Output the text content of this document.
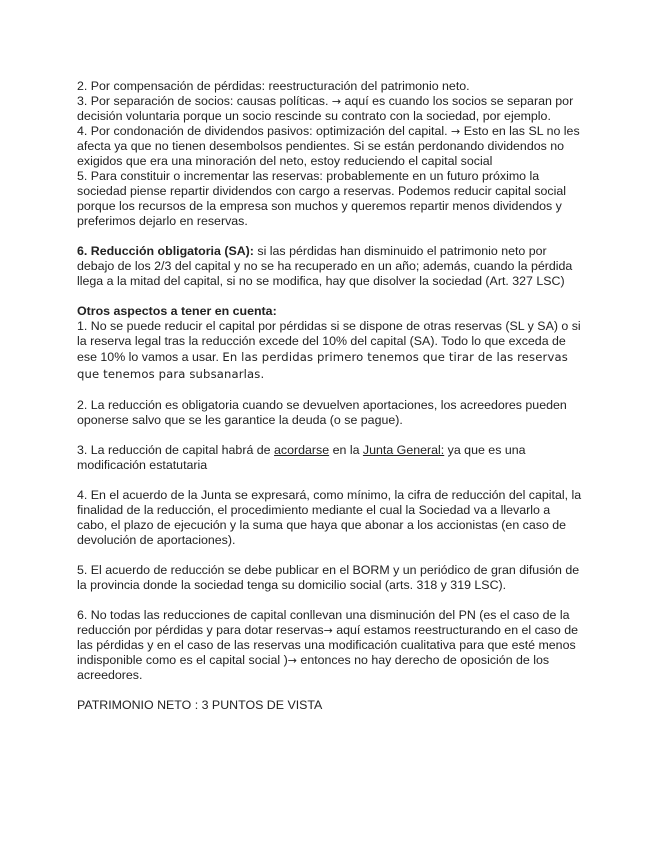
2. Por compensación de pérdidas: reestructuración del patrimonio neto.

3. Por separación de socios: causas políticas. → aquí es cuando los socios se separan por decisión voluntaria porque un socio rescinde su contrato con la sociedad, por ejemplo.

4. Por condonación de dividendos pasivos: optimización del capital. → Esto en las SL no les afecta ya que no tienen desembolsos pendientes. Si se están perdonando dividendos no exigidos que era una minoración del neto, estoy reduciendo el capital social

5. Para constituir o incrementar las reservas: probablemente en un futuro próximo la sociedad piense repartir dividendos con cargo a reservas. Podemos reducir capital social porque los recursos de la empresa son muchos y queremos repartir menos dividendos y preferimos dejarlo en reservas.

6. Reducción obligatoria (SA): si las pérdidas han disminuido el patrimonio neto por debajo de los 2/3 del capital y no se ha recuperado en un año; además, cuando la pérdida llega a la mitad del capital, si no se modifica, hay que disolver la sociedad (Art. 327 LSC)

Otros aspectos a tener en cuenta:

1. No se puede reducir el capital por pérdidas si se dispone de otras reservas (SL y SA) o si la reserva legal tras la reducción excede del 10% del capital (SA). Todo lo que exceda de ese 10% lo vamos a usar. En las perdidas primero tenemos que tirar de las reservas que tenemos para subsanarlas.

2. La reducción es obligatoria cuando se devuelven aportaciones, los acreedores pueden oponerse salvo que se les garantice la deuda (o se pague).

3. La reducción de capital habrá de acordarse en la Junta General: ya que es una modificación estatutaria

4. En el acuerdo de la Junta se expresará, como mínimo, la cifra de reducción del capital, la finalidad de la reducción, el procedimiento mediante el cual la Sociedad va a llevarlo a cabo, el plazo de ejecución y la suma que haya que abonar a los accionistas (en caso de devolución de aportaciones).

5. El acuerdo de reducción se debe publicar en el BORM y un periódico de gran difusión de la provincia donde la sociedad tenga su domicilio social (arts. 318 y 319 LSC).

6. No todas las reducciones de capital conllevan una disminución del PN (es el caso de la reducción por pérdidas y para dotar reservas→ aquí estamos reestructurando en el caso de las pérdidas y en el caso de las reservas una modificación cualitativa para que esté menos indisponible como es el capital social )→ entonces no hay derecho de oposición de los acreedores.

PATRIMONIO NETO : 3 PUNTOS DE VISTA
